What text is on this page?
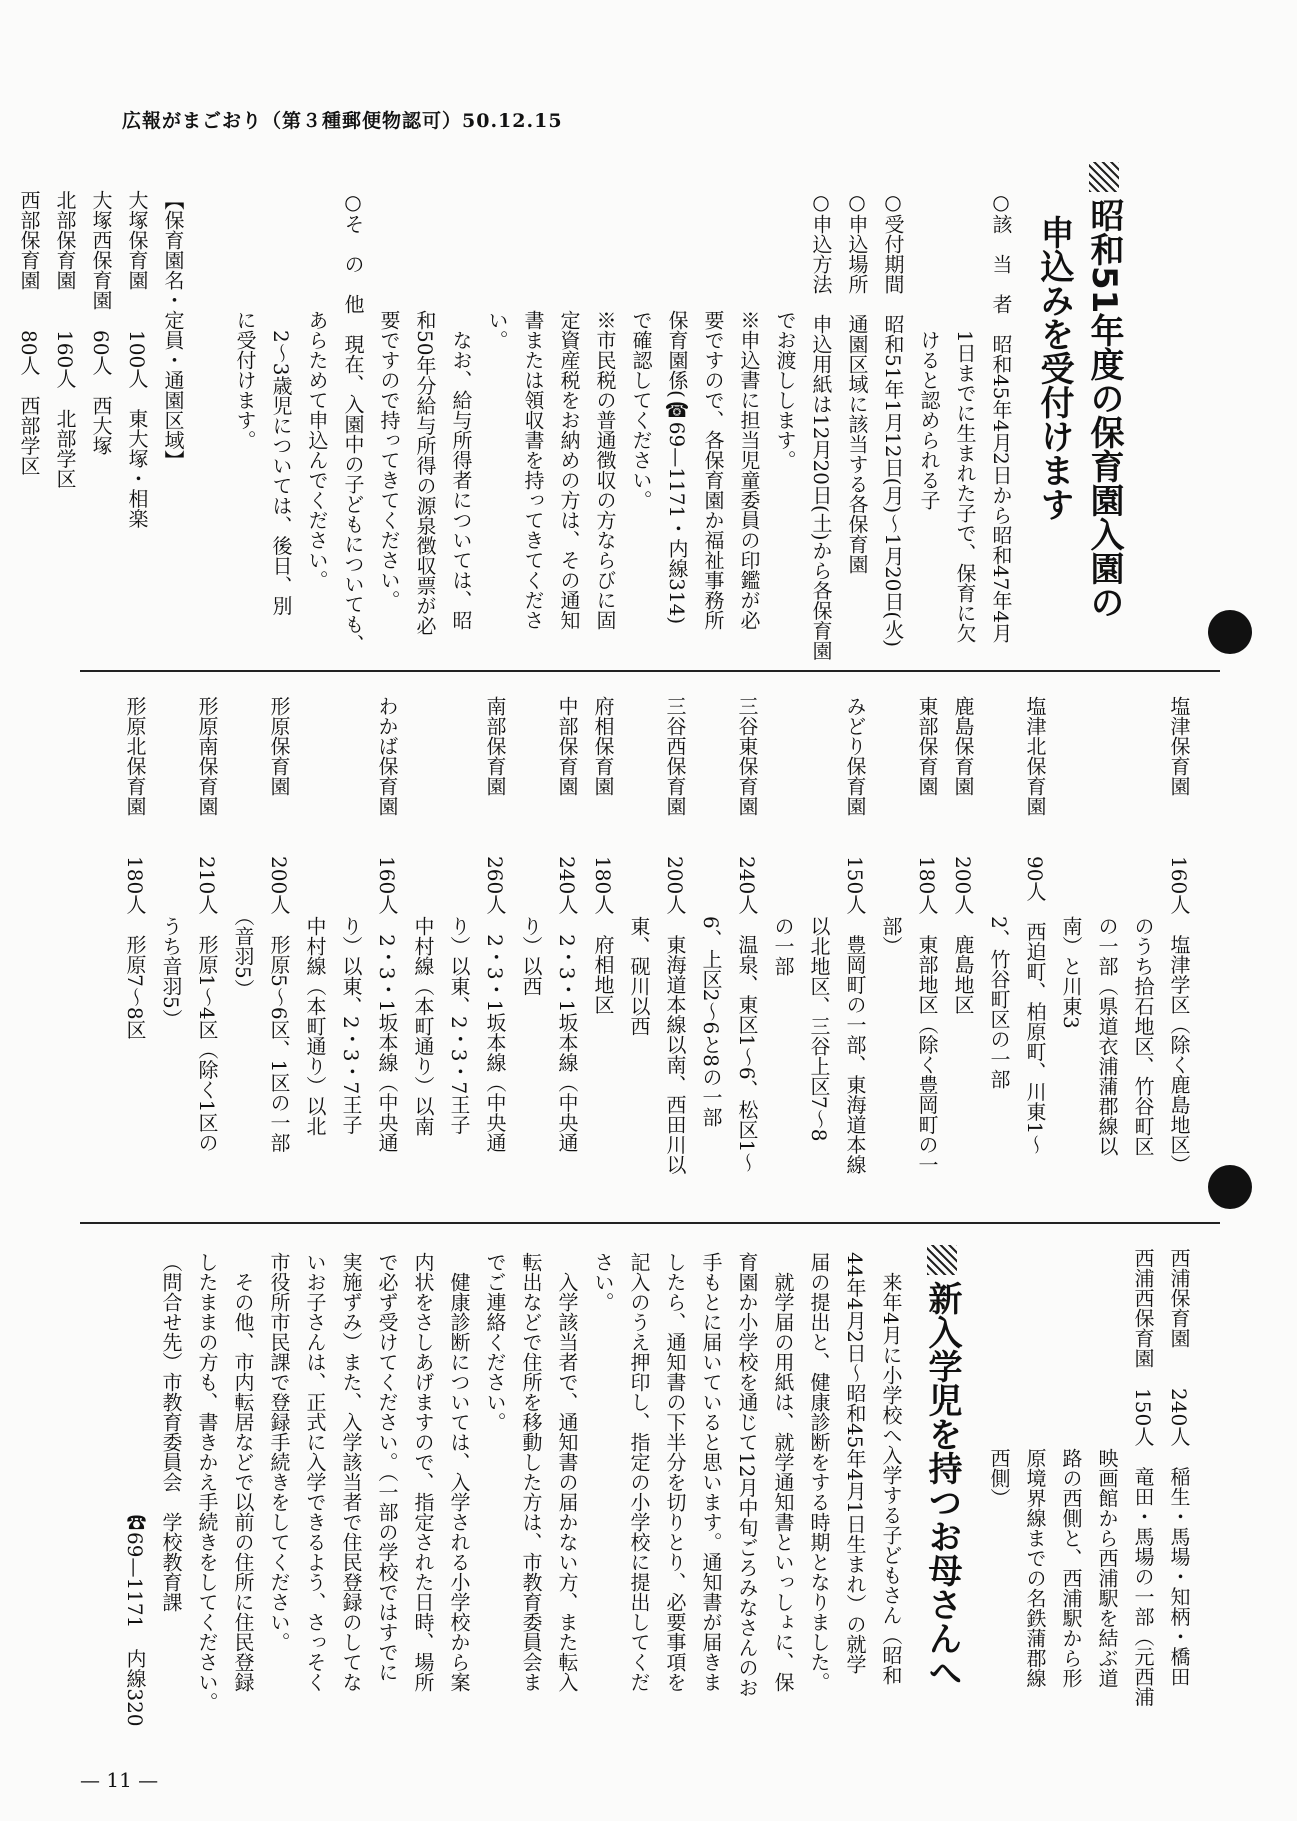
広報がまごおり（第３種郵便物認可）50.12.15
昭和51年度の保育園入園の
申込みを受付けます
○該　当　者　昭和45年4月2日から昭和47年4月
　　　　　　　1日までに生まれた子で、保育に欠
　　　　　　　けると認められる子
○受付期間　昭和51年1月12日(月)〜1月20日(火)
○申込場所　通園区域に該当する各保育園
○申込方法　申込用紙は12月20日(土)から各保育園
　　　　　　でお渡しします。
　　　　　　※申込書に担当児童委員の印鑑が必
　　　　　　要ですので、各保育園か福祉事務所
　　　　　　保育園係(☎69—1171・内線314)
　　　　　　で確認してください。
　　　　　　※市民税の普通徴収の方ならびに固
　　　　　　定資産税をお納めの方は、その通知
　　　　　　書または領収書を持ってきてくださ
　　　　　　い。
　　　　　　　なお、給与所得者については、昭
　　　　　　和50年分給与所得の源泉徴収票が必
　　　　　　要ですので持ってきてください。
○そ　の　他　現在、入園中の子どもについても、
　　　　　　あらためて申込んでください。
　　　　　　　2〜3歳児については、後日、別
　　　　　　に受付けます。

【保育園名・定員・通園区域】
大塚保育園　　100人　東大塚・相楽
大塚西保育園　60人　西大塚
北部保育園　　160人　北部学区
西部保育園　　80人　西部学区
塩津保育園　　　160人　塩津学区（除く鹿島地区）
　　　　　　　　　　　のうち拾石地区、竹谷町区
　　　　　　　　　　　の一部（県道衣浦蒲郡線以
　　　　　　　　　　　南）と川東3
塩津北保育園　　90人　西迫町、柏原町、川東1〜
　　　　　　　　　　　2、竹谷町区の一部
鹿島保育園　　　200人　鹿島地区
東部保育園　　　180人　東部地区（除く豊岡町の一
　　　　　　　　　　　部）
みどり保育園　　150人　豊岡町の一部、東海道本線
　　　　　　　　　　　以北地区、三谷上区7〜8
　　　　　　　　　　　の一部
三谷東保育園　　240人　温泉、東区1〜6、松区1〜
　　　　　　　　　　　6、上区2〜6と8の一部
三谷西保育園　　200人　東海道本線以南、西田川以
　　　　　　　　　　　東、砚川以西
府相保育園　　　180人　府相地区
中部保育園　　　240人　2・3・1坂本線（中央通
　　　　　　　　　　　り）以西
南部保育園　　　260人　2・3・1坂本線（中央通
　　　　　　　　　　　り）以東、2・3・7王子
　　　　　　　　　　　中村線（本町通り）以南
わかば保育園　　160人　2・3・1坂本線（中央通
　　　　　　　　　　　り）以東、2・3・7王子
　　　　　　　　　　　中村線（本町通り）以北
形原保育園　　　200人　形原5〜6区、1区の一部
　　　　　　　　　　　（音羽5）
形原南保育園　　210人　形原1〜4区（除く1区の
　　　　　　　　　　　うち音羽5）
形原北保育園　　180人　形原7〜8区
西浦保育園　　240人　稲生・馬場・知柄・橋田
西浦西保育園　150人　竜田・馬場の一部（元西浦
　　　　　　　　　　映画館から西浦駅を結ぶ道
　　　　　　　　　　路の西側と、西浦駅から形
　　　　　　　　　　原境界線までの名鉄蒲郡線
　　　　　　　　　　西側）
新入学児を持つお母さんへ
　来年4月に小学校へ入学する子どもさん（昭和
44年4月2日〜昭和45年4月1日生まれ）の就学
届の提出と、健康診断をする時期となりました。
　就学届の用紙は、就学通知書といっしょに、保
育園か小学校を通じて12月中旬ごろみなさんのお
手もとに届いていると思います。通知書が届きま
したら、通知書の下半分を切りとり、必要事項を
記入のうえ押印し、指定の小学校に提出してくだ
さい。
　入学該当者で、通知書の届かない方、また転入
転出などで住所を移動した方は、市教育委員会ま
でご連絡ください。
　健康診断については、入学される小学校から案
内状をさしあげますので、指定された日時、場所
で必ず受けてください。（一部の学校ではすでに
実施ずみ）また、入学該当者で住民登録のしてな
いお子さんは、正式に入学できるよう、さっそく
市役所市民課で登録手続きをしてください。
　その他、市内転居などで以前の住所に住民登録
したままの方も、書きかえ手続きをしてください。
（問合せ先）市教育委員会　学校教育課
　　　　　　　　　　　　　☎69—1171　内線320
— 11 —
